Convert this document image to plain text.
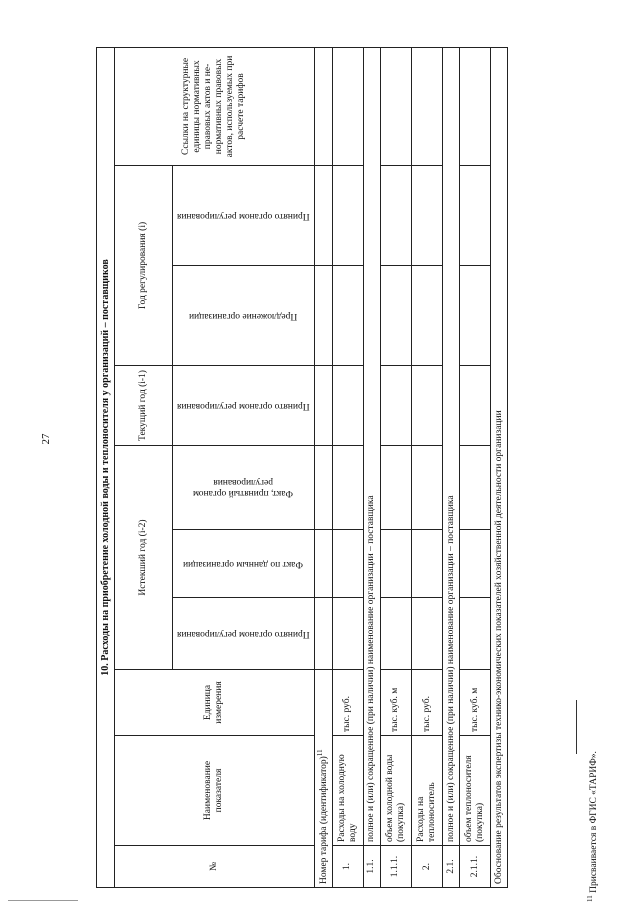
27	10. Расходы на приобретение холодной воды и теплоносителя у организаций – поставщиков									
№	Наименование показателя	Единица измерения	Истекший год (i-2)			Текущий год (i-1)	Год регулирования (i)		Ссылки на структурные единицы нормативных правовых актов и не-нормативных правовых актов, используемых при расчете тарифов

			Принято органом регулирования	Факт по данным организации	Факт, принятый органом регулирования	Принято органом регулирования	Предложение организации	Принято органом регулирования	

Номер тарифа (идентификатор)$^{11}$							
1.	Расходы на холодную воду	тыс. руб.							
1.1.	полное и (или) сокращенное (при наличии) наименование организации – поставщика								
1.1.1.	объем холодной воды (покупка)	тыс. куб. м							
2.	Расходы на теплоноситель	тыс. руб.							
2.1.	полное и (или) сокращенное (при наличии) наименование организации – поставщика								
2.1.1.	объем теплоносителя (покупка)	тыс. куб. м							
Обоснование результатов экспертизы технико-экономических показателей хозяйственной деятельности организации									
$^{11}$ Присваивается в ФГИС «ТАРИФ».
